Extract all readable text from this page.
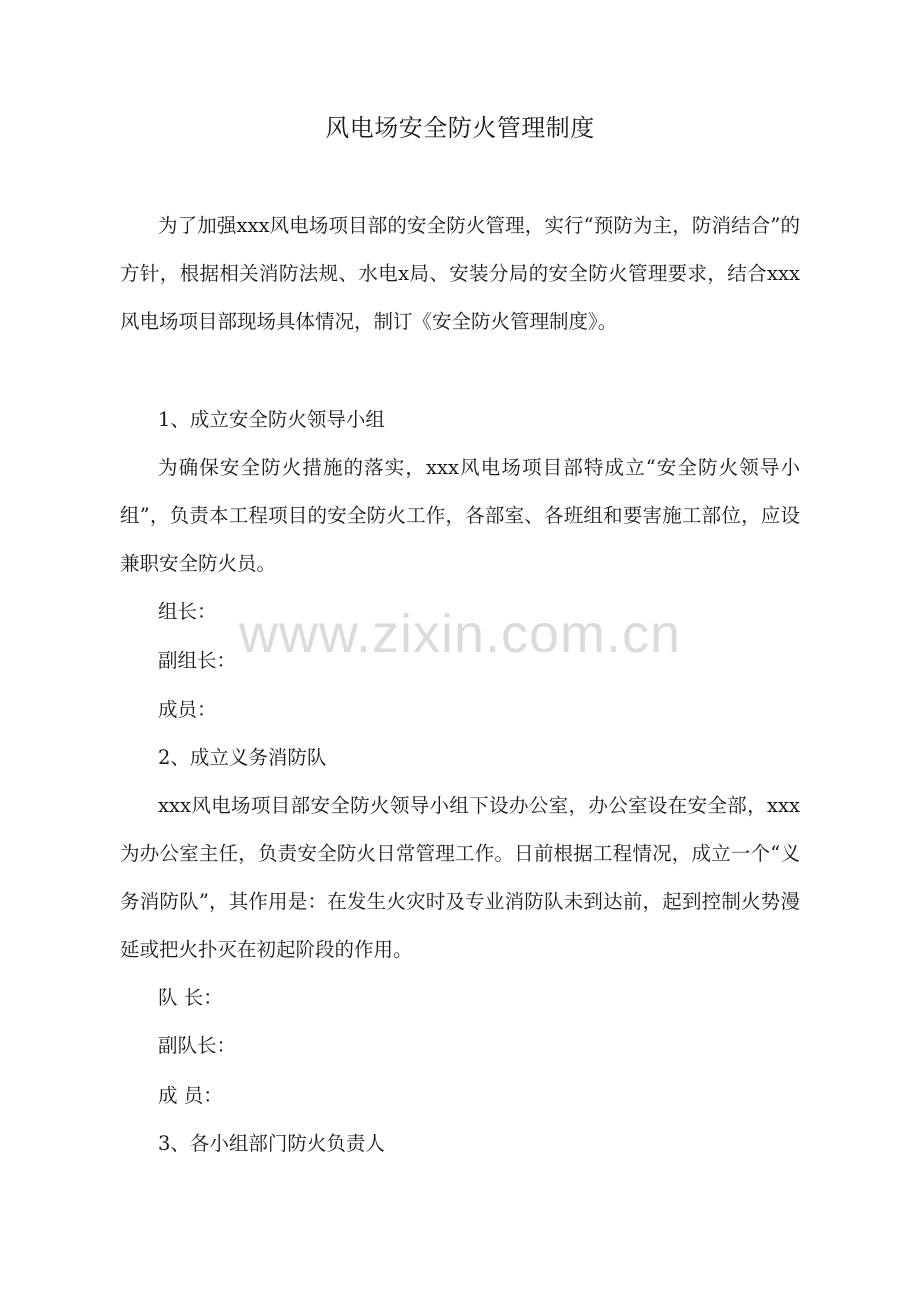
风电场安全防火管理制度
为了加强xxx风电场项目部的安全防火管理，实行“预防为主，防消结合”的方针，根据相关消防法规、水电x局、安装分局的安全防火管理要求，结合xxx风电场项目部现场具体情况，制订《安全防火管理制度》。
1、成立安全防火领导小组
为确保安全防火措施的落实，xxx风电场项目部特成立“安全防火领导小组”，负责本工程项目的安全防火工作，各部室、各班组和要害施工部位，应设兼职安全防火员。
组长：
副组长：
成员：
2、成立义务消防队
xxx风电场项目部安全防火领导小组下设办公室，办公室设在安全部，xxx为办公室主任，负责安全防火日常管理工作。日前根据工程情况，成立一个“义务消防队”，其作用是：在发生火灾时及专业消防队未到达前，起到控制火势漫延或把火扑灭在初起阶段的作用。
队 长：
副队长：
成 员：
3、各小组部门防火负责人
www.zixin.com.cn
